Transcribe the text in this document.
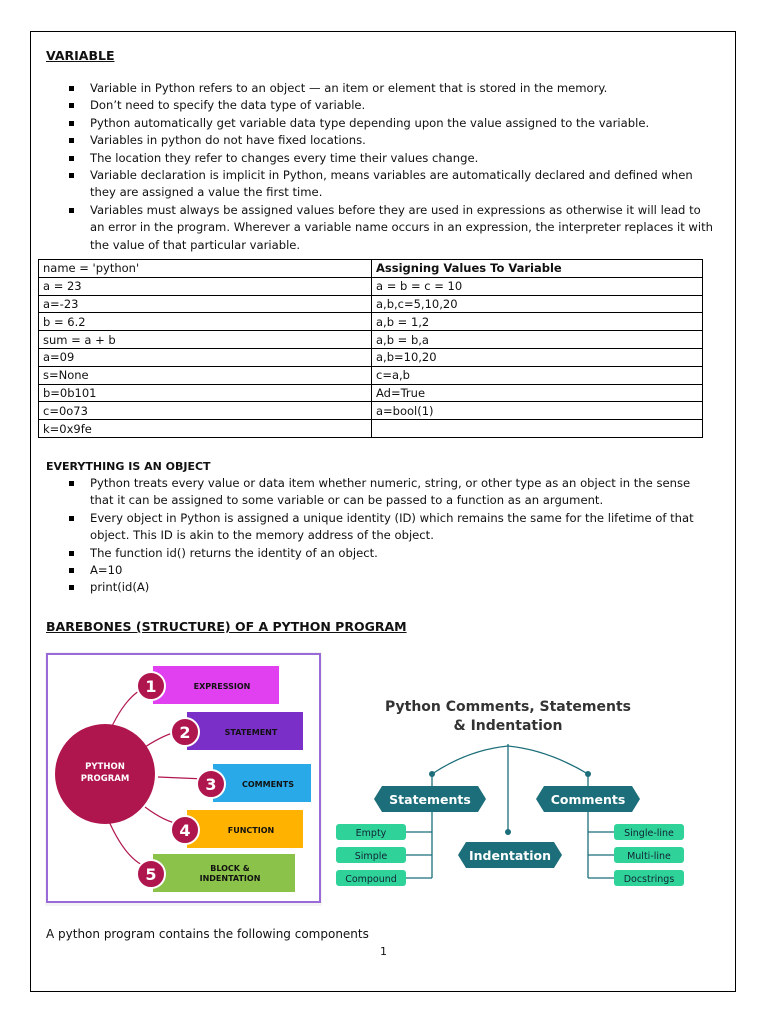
VARIABLE
Variable in Python refers to an object — an item or element that is stored in the memory.
Don’t need to specify the data type of variable.
Python automatically get variable data type depending upon the value assigned to the variable.
Variables in python do not have fixed locations.
The location they refer to changes every time their values change.
Variable declaration is implicit in Python, means variables are automatically declared and defined when they are assigned a value the first time.
Variables must always be assigned values before they are used in expressions as otherwise it will lead to an error in the program. Wherever a variable name occurs in an expression, the interpreter replaces it with the value of that particular variable.
name = 'python'	Assigning Values To Variable
a = 23	a = b = c = 10
a=-23	a,b,c=5,10,20
b = 6.2	a,b = 1,2
sum = a + b	a,b = b,a
a=09	a,b=10,20
s=None	c=a,b
b=0b101	Ad=True
c=0o73	a=bool(1)
k=0x9fe	
EVERYTHING IS AN OBJECT
Python treats every value or data item whether numeric, string, or other type as an object in the sense that it can be assigned to some variable or can be passed to a function as an argument.
Every object in Python is assigned a unique identity (ID) which remains the same for the lifetime of that object. This ID is akin to the memory address of the object.
The function id() returns the identity of an object.
A=10
print(id(A)
BAREBONES (STRUCTURE) OF A PYTHON PROGRAM
PYTHON
PROGRAM
1	EXPRESSION
2	STATEMENT
3	COMMENTS
4	FUNCTION
5	BLOCK &
INDENTATION
Python Comments, Statements
& Indentation
Statements	Comments
Indentation
Empty
Simple
Compound
Single-line
Multi-line
Docstrings
A python program contains the following components
1
